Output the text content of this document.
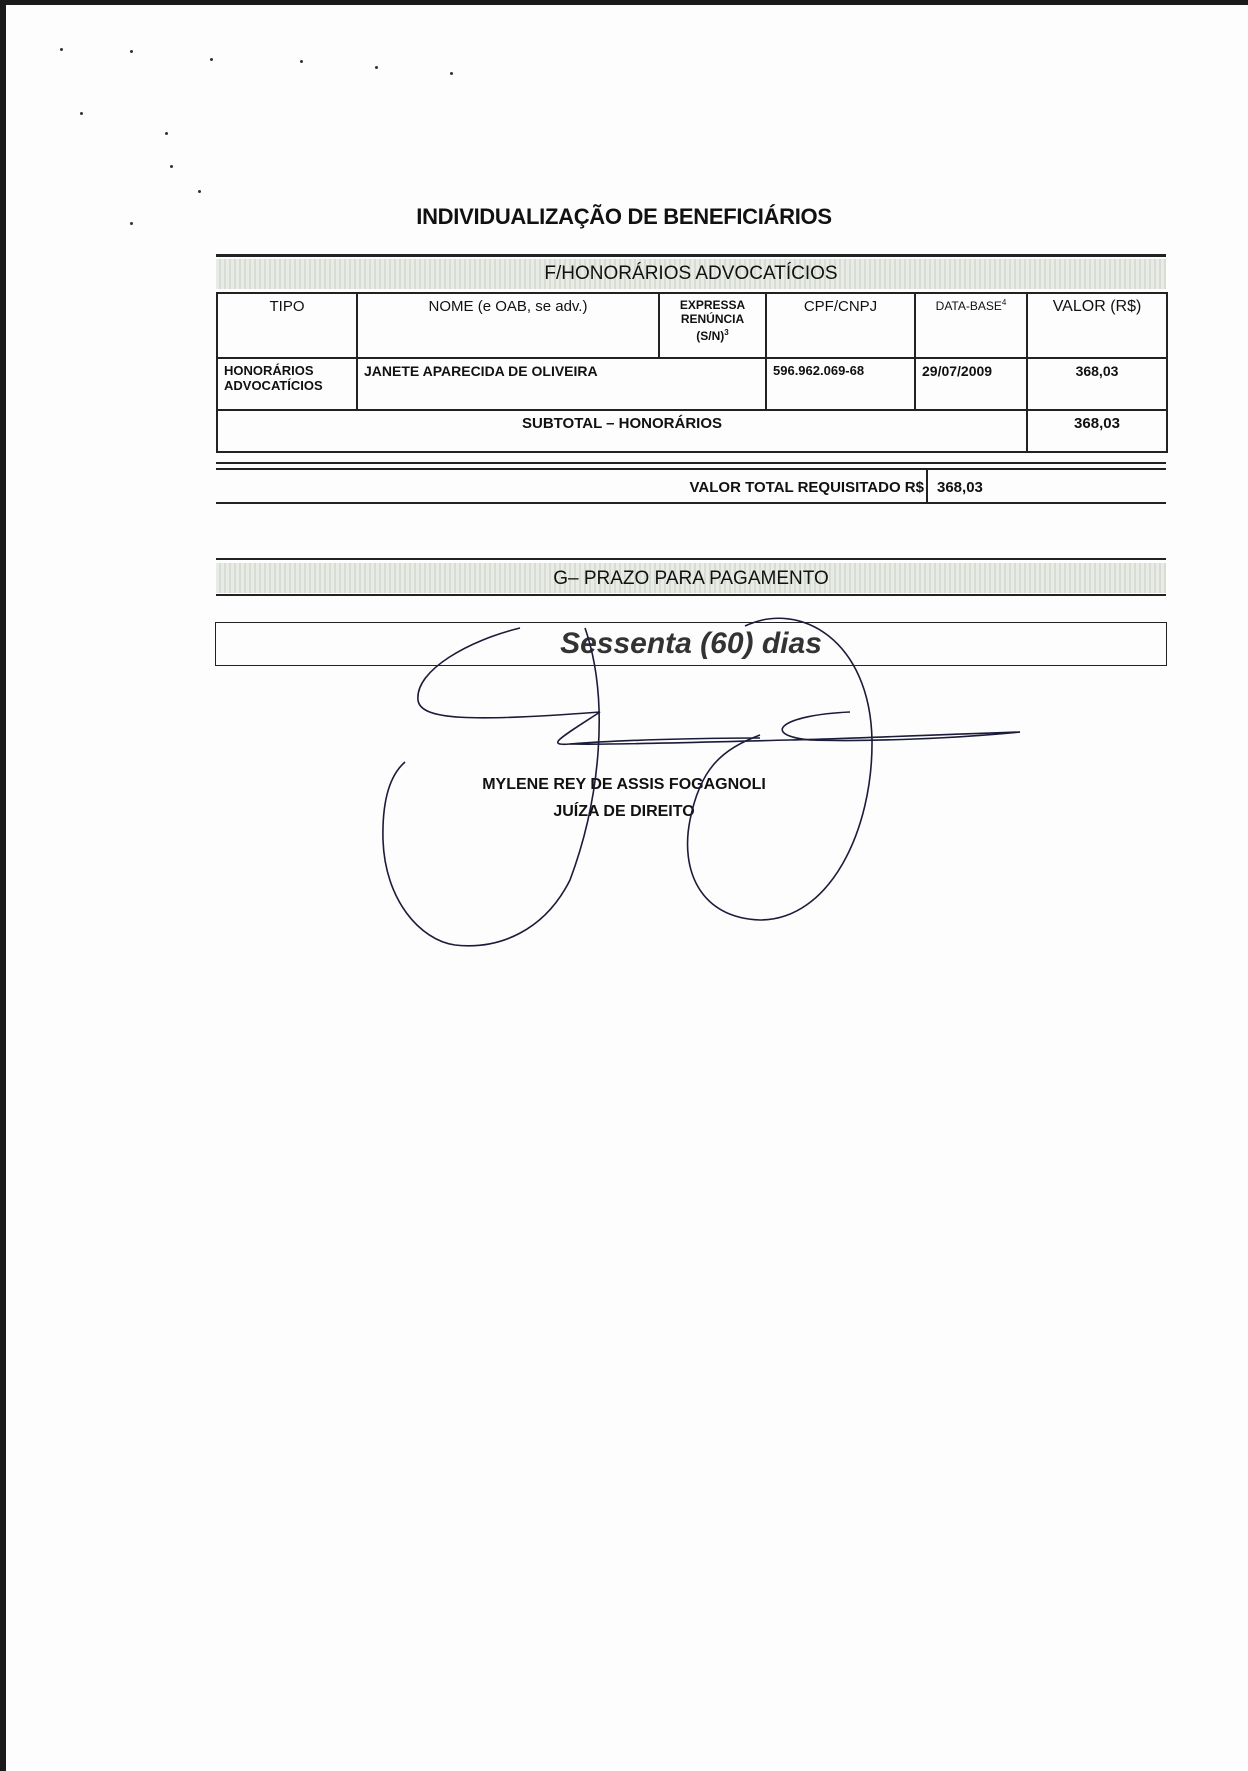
INDIVIDUALIZAÇÃO DE BENEFICIÁRIOS
F/HONORÁRIOS ADVOCATÍCIOS
TIPO	NOME (e OAB, se adv.)	EXPRESSA
RENÚNCIA
$(S/N)^3$	CPF/CNPJ	DATA-BASE$^4$	VALOR (R$)

HONORÁRIOS
ADVOCATÍCIOS	JANETE APARECIDA DE OLIVEIRA		596.962.069-68	29/07/2009	368,03
SUBTOTAL – HONORÁRIOS					368,03
VALOR TOTAL REQUISITADO R$ 368,03
G– PRAZO PARA PAGAMENTO
Sessenta (60) dias
MYLENE REY DE ASSIS FOGAGNOLI
JUÍZA DE DIREITO
